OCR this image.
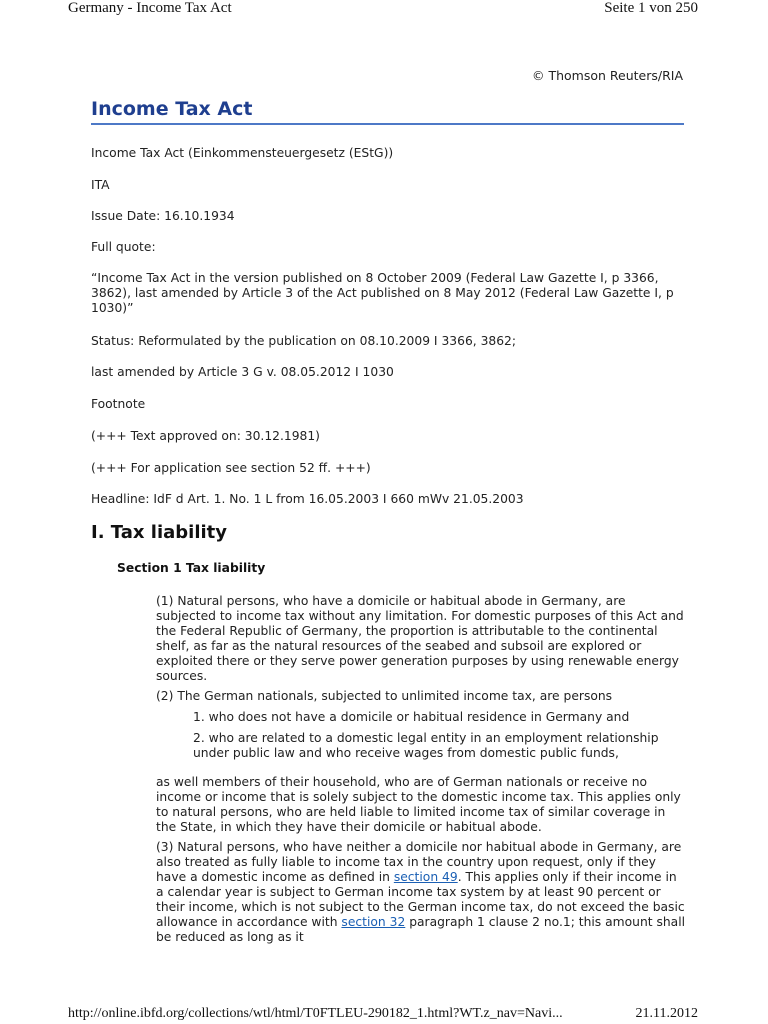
Germany - Income Tax Act	Seite 1 von 250
© Thomson Reuters/RIA
Income Tax Act

Income Tax Act (Einkommensteuergesetz (EStG))

ITA

Issue Date: 16.10.1934

Full quote:

“Income Tax Act in the version published on 8 October 2009 (Federal Law Gazette I, p 3366, 3862), last amended by Article 3 of the Act published on 8 May 2012 (Federal Law Gazette I, p 1030)”

Status: Reformulated by the publication on 08.10.2009 I 3366, 3862;

last amended by Article 3 G v. 08.05.2012 I 1030

Footnote

(+++ Text approved on: 30.12.1981)

(+++ For application see section 52 ff. +++)

Headline: IdF d Art. 1. No. 1 L from 16.05.2003 I 660 mWv 21.05.2003

I. Tax liability
Section 1 Tax liability

(1) Natural persons, who have a domicile or habitual abode in Germany, are subjected to income tax without any limitation. For domestic purposes of this Act and the Federal Republic of Germany, the proportion is attributable to the continental shelf, as far as the natural resources of the seabed and subsoil are explored or exploited there or they serve power generation purposes by using renewable energy sources.

(2) The German nationals, subjected to unlimited income tax, are persons

1. who does not have a domicile or habitual residence in Germany and

2. who are related to a domestic legal entity in an employment relationship under public law and who receive wages from domestic public funds,

as well members of their household, who are of German nationals or receive no income or income that is solely subject to the domestic income tax. This applies only to natural persons, who are held liable to limited income tax of similar coverage in the State, in which they have their domicile or habitual abode.

(3) Natural persons, who have neither a domicile nor habitual abode in Germany, are also treated as fully liable to income tax in the country upon request, only if they have a domestic income as defined in section 49. This applies only if their income in a calendar year is subject to German income tax system by at least 90 percent or their income, which is not subject to the German income tax, do not exceed the basic allowance in accordance with section 32 paragraph 1 clause 2 no.1; this amount shall be reduced as long as it

http://online.ibfd.org/collections/wtl/html/T0FTLEU-290182_1.html?WT.z_nav=Navi...	21.11.2012
